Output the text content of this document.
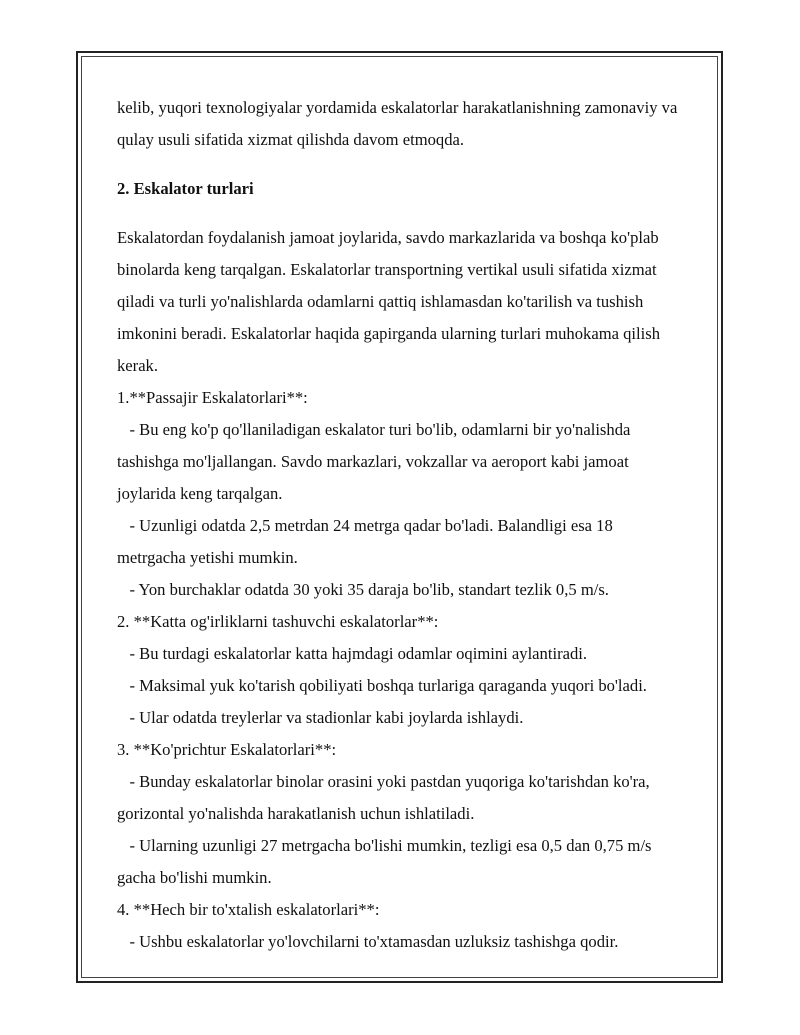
kelib, yuqori texnologiyalar yordamida eskalatorlar harakatlanishning zamonaviy va

qulay usuli sifatida xizmat qilishda davom etmoqda.

2. Eskalator turlari

Eskalatordan foydalanish jamoat joylarida, savdo markazlarida va boshqa ko'plab

binolarda keng tarqalgan. Eskalatorlar transportning vertikal usuli sifatida xizmat

qiladi va turli yo'nalishlarda odamlarni qattiq ishlamasdan ko'tarilish va tushish

imkonini beradi. Eskalatorlar haqida gapirganda ularning turlari muhokama qilish

kerak.

1.**Passajir Eskalatorlari**:

- Bu eng ko'p qo'llaniladigan eskalator turi bo'lib, odamlarni bir yo'nalishda

tashishga mo'ljallangan. Savdo markazlari, vokzallar va aeroport kabi jamoat

joylarida keng tarqalgan.

- Uzunligi odatda 2,5 metrdan 24 metrga qadar bo'ladi. Balandligi esa 18

metrgacha yetishi mumkin.

- Yon burchaklar odatda 30 yoki 35 daraja bo'lib, standart tezlik 0,5 m/s.

2. **Katta og'irliklarni tashuvchi eskalatorlar**:

- Bu turdagi eskalatorlar katta hajmdagi odamlar oqimini aylantiradi.

- Maksimal yuk ko'tarish qobiliyati boshqa turlariga qaraganda yuqori bo'ladi.

- Ular odatda treylerlar va stadionlar kabi joylarda ishlaydi.

3. **Ko'prichtur Eskalatorlari**:

- Bunday eskalatorlar binolar orasini yoki pastdan yuqoriga ko'tarishdan ko'ra,

gorizontal yo'nalishda harakatlanish uchun ishlatiladi.

- Ularning uzunligi 27 metrgacha bo'lishi mumkin, tezligi esa 0,5 dan 0,75 m/s

gacha bo'lishi mumkin.

4. **Hech bir to'xtalish eskalatorlari**:

- Ushbu eskalatorlar yo'lovchilarni to'xtamasdan uzluksiz tashishga qodir.
